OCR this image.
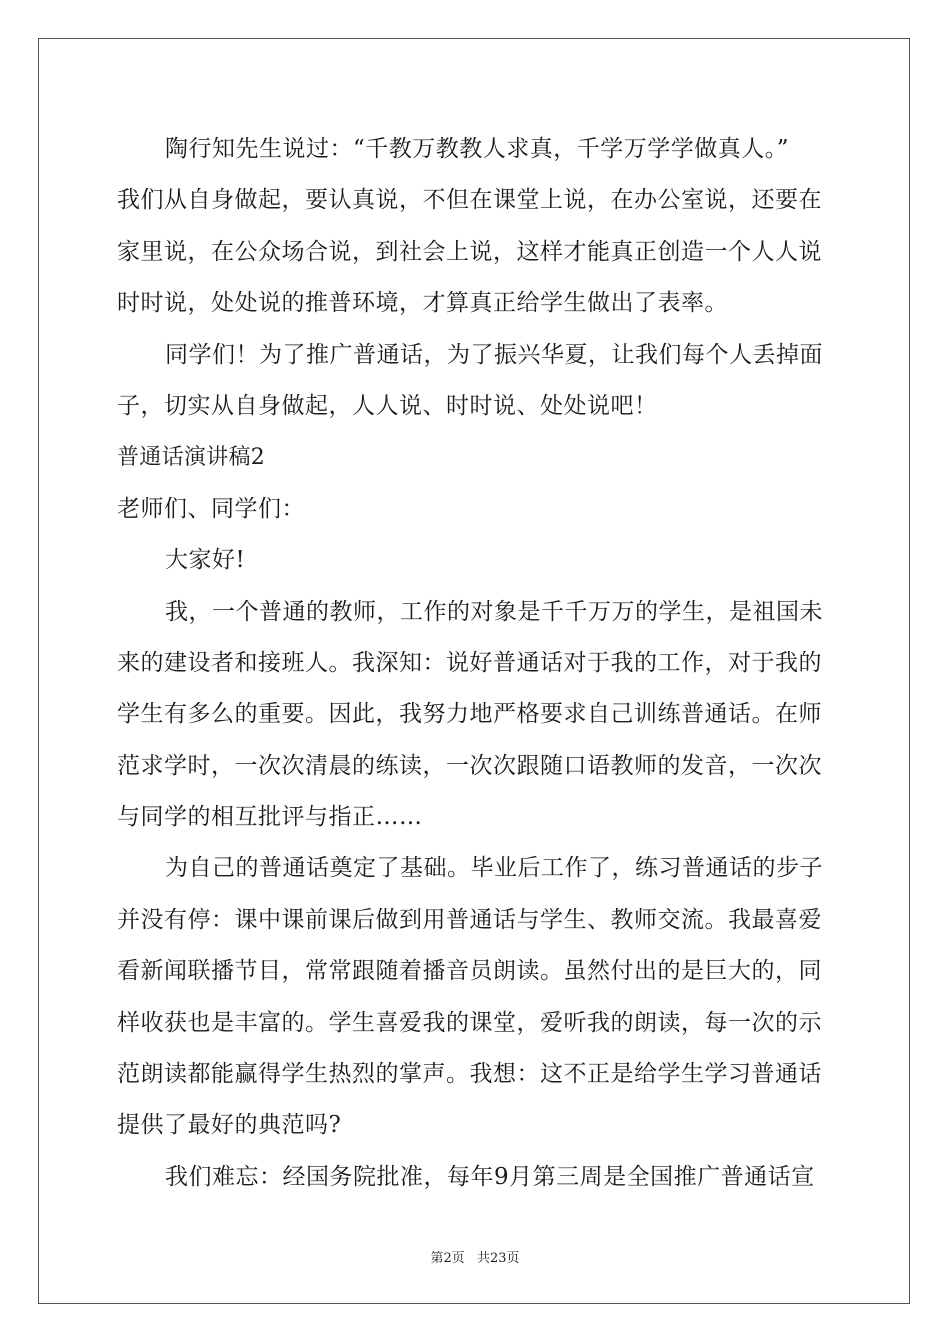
陶行知先生说过：“千教万教教人求真，千学万学学做真人。”
我们从自身做起，要认真说，不但在课堂上说，在办公室说，还要在
家里说，在公众场合说，到社会上说，这样才能真正创造一个人人说
时时说，处处说的推普环境，才算真正给学生做出了表率。
同学们！为了推广普通话，为了振兴华夏，让我们每个人丢掉面
子，切实从自身做起，人人说、时时说、处处说吧！
普通话演讲稿2
老师们、同学们：
大家好!
我，一个普通的教师，工作的对象是千千万万的学生，是祖国未
来的建设者和接班人。我深知：说好普通话对于我的工作，对于我的
学生有多么的重要。因此，我努力地严格要求自己训练普通话。在师
范求学时，一次次清晨的练读，一次次跟随口语教师的发音，一次次
与同学的相互批评与指正……
为自己的普通话奠定了基础。毕业后工作了，练习普通话的步子
并没有停：课中课前课后做到用普通话与学生、教师交流。我最喜爱
看新闻联播节目，常常跟随着播音员朗读。虽然付出的是巨大的，同
样收获也是丰富的。学生喜爱我的课堂，爱听我的朗读，每一次的示
范朗读都能赢得学生热烈的掌声。我想：这不正是给学生学习普通话
提供了最好的典范吗?
我们难忘：经国务院批准，每年9月第三周是全国推广普通话宣
第2页 共23页
